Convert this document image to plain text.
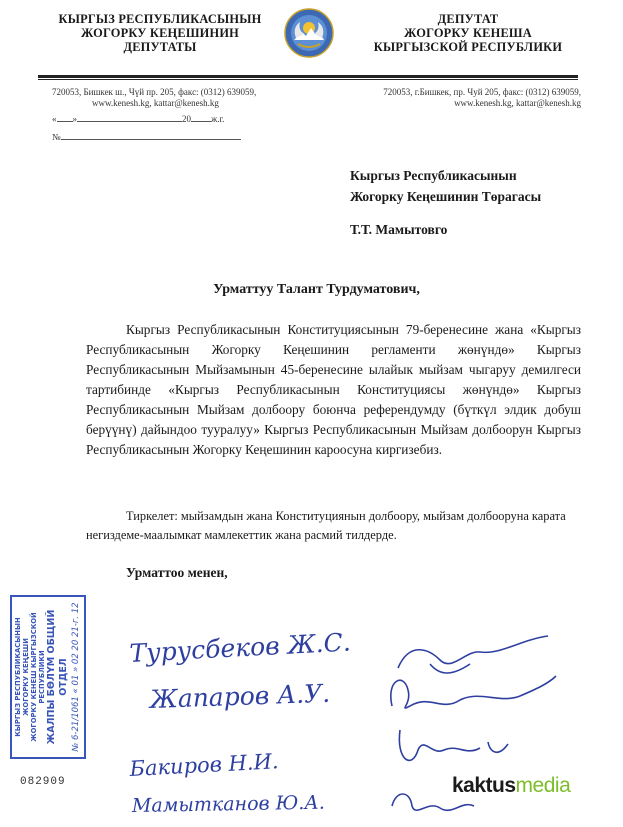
КЫРГЫЗ РЕСПУБЛИКАСЫНЫН
ЖОГОРКУ КЕҢЕШИНИН
ДЕПУТАТЫ
ДЕПУТАТ
ЖОГОРКУ КЕНЕША
КЫРГЫЗСКОЙ РЕСПУБЛИКИ
720053, Бишкек ш., Чүй пр. 205, факс: (0312) 639059,
www.kenesh.kg, kattar@kenesh.kg
720053, г.Бишкек, пр. Чуй 205, факс: (0312) 639059,
www.kenesh.kg, kattar@kenesh.kg
« »	20 ж.г.
№
Кыргыз Республикасынын
Жогорку Кеңешинин Төрагасы
Т.Т. Мамытовго
Урматтуу Талант Турдуматович,
Кыргыз Республикасынын Конституциясынын 79-беренесине жана «Кыргыз Республикасынын Жогорку Кеңешинин регламенти жөнүндө» Кыргыз Республикасынын Мыйзамынын 45-беренесине ылайык мыйзам чыгаруу демилгеси тартибинде «Кыргыз Республикасынын Конституциясы жөнүндө» Кыргыз Республикасынын Мыйзам долбоору боюнча референдумду (бүткүл элдик добуш берүүнү) дайындоо тууралуу» Кыргыз Республикасынын Мыйзам долбоорун Кыргыз Республикасынын Жогорку Кеңешинин кароосуна киргизебиз.
Тиркелет: мыйзамдын жана Конституциянын долбоору, мыйзам долбооруна карата негиздеме-маалымкат мамлекеттик жана расмий тилдерде.
Урматтоо менен,
КЫРГЫЗ РЕСПУБЛИКАСЫНЫН ЖОГОРКУ КЕҢЕШИ ЖОГОРКУ КЕНЕШ КЫРГЫЗСКОЙ РЕСПУБЛИКИ ЖАЛПЫ БӨЛҮМ ОБЩИЙ ОТДЕЛ № 6-21/1061 « 01 » 02 20 21-г. 12
082909
Турусбеков Ж.С.
Жапаров А.У.
Бакиров Н.И.
Мамытканов Ю.А.
kaktusmedia
